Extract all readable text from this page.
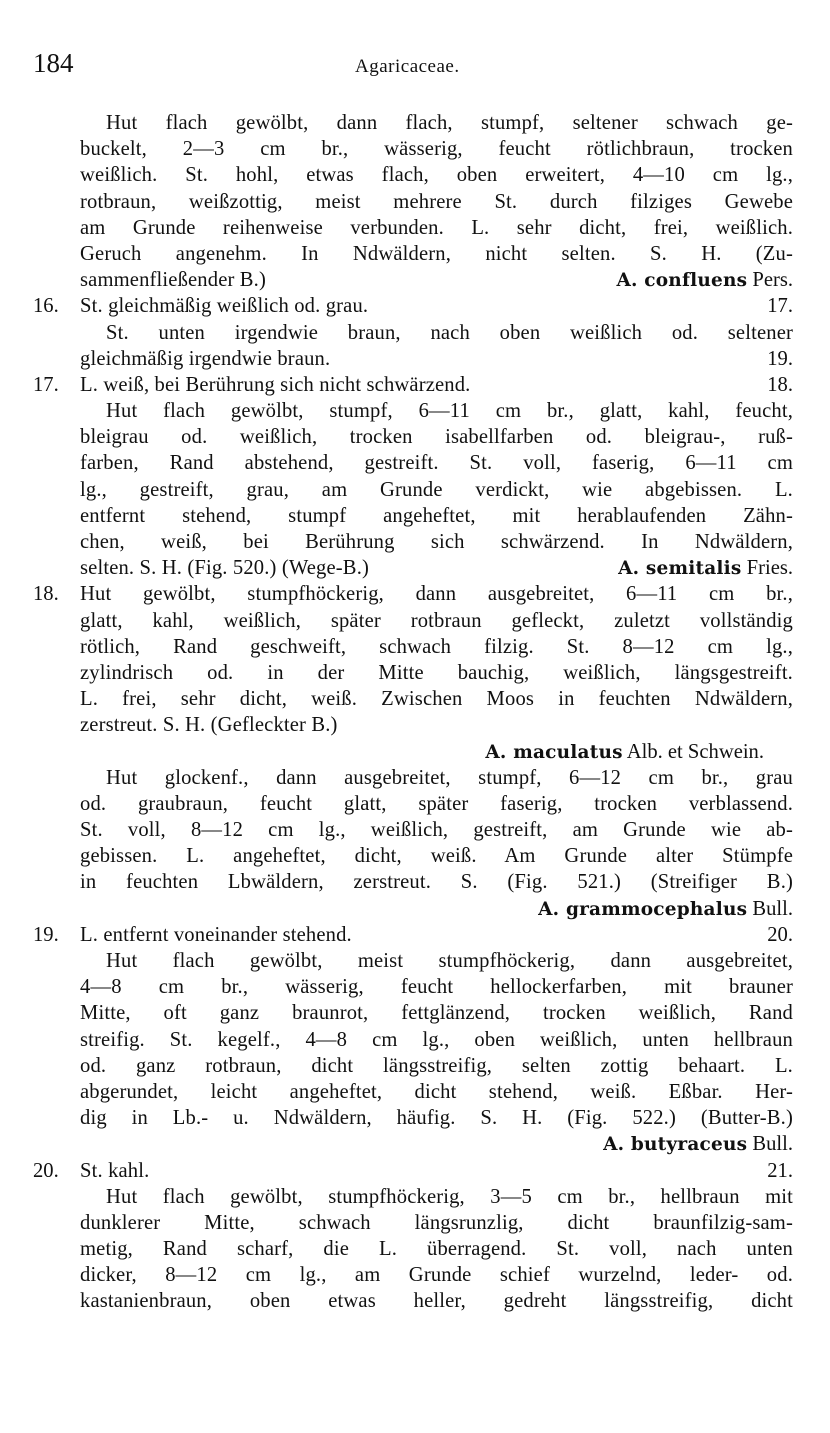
184	Agaricaceae.
Hut flach gewölbt, dann flach, stumpf, seltener schwach ge-
buckelt, 2—3 cm br., wässerig, feucht rötlichbraun, trocken
weißlich. St. hohl, etwas flach, oben erweitert, 4—10 cm lg.,
rotbraun, weißzottig, meist mehrere St. durch filziges Gewebe
am Grunde reihenweise verbunden. L. sehr dicht, frei, weißlich.
Geruch angenehm. In Ndwäldern, nicht selten. S. H. (Zu-
sammenfließender B.)	A. confluens Pers.
16. St. gleichmäßig weißlich od. grau.	17.
St. unten irgendwie braun, nach oben weißlich od. seltener
gleichmäßig irgendwie braun.	19.
17. L. weiß, bei Berührung sich nicht schwärzend.	18.
Hut flach gewölbt, stumpf, 6—11 cm br., glatt, kahl, feucht,
bleigrau od. weißlich, trocken isabellfarben od. bleigrau-, ruß-
farben, Rand abstehend, gestreift. St. voll, faserig, 6—11 cm
lg., gestreift, grau, am Grunde verdickt, wie abgebissen. L.
entfernt stehend, stumpf angeheftet, mit herablaufenden Zähn-
chen, weiß, bei Berührung sich schwärzend. In Ndwäldern,
selten. S. H. (Fig. 520.) (Wege-B.)	A. semitalis Fries.
18. Hut gewölbt, stumpfhöckerig, dann ausgebreitet, 6—11 cm br.,
glatt, kahl, weißlich, später rotbraun gefleckt, zuletzt vollständig
rötlich, Rand geschweift, schwach filzig. St. 8—12 cm lg.,
zylindrisch od. in der Mitte bauchig, weißlich, längsgestreift.
L. frei, sehr dicht, weiß. Zwischen Moos in feuchten Ndwäldern,
zerstreut. S. H. (Gefleckter B.)
A. maculatus Alb. et Schwein.
Hut glockenf., dann ausgebreitet, stumpf, 6—12 cm br., grau
od. graubraun, feucht glatt, später faserig, trocken verblassend.
St. voll, 8—12 cm lg., weißlich, gestreift, am Grunde wie ab-
gebissen. L. angeheftet, dicht, weiß. Am Grunde alter Stümpfe
in feuchten Lbwäldern, zerstreut. S. (Fig. 521.) (Streifiger B.)
A. grammocephalus Bull.
19. L. entfernt voneinander stehend.	20.
Hut flach gewölbt, meist stumpfhöckerig, dann ausgebreitet,
4—8 cm br., wässerig, feucht hellockerfarben, mit brauner
Mitte, oft ganz braunrot, fettglänzend, trocken weißlich, Rand
streifig. St. kegelf., 4—8 cm lg., oben weißlich, unten hellbraun
od. ganz rotbraun, dicht längsstreifig, selten zottig behaart. L.
abgerundet, leicht angeheftet, dicht stehend, weiß. Eßbar. Her-
dig in Lb.- u. Ndwäldern, häufig. S. H. (Fig. 522.) (Butter-B.)
A. butyraceus Bull.
20. St. kahl.	21.
Hut flach gewölbt, stumpfhöckerig, 3—5 cm br., hellbraun mit
dunklerer Mitte, schwach längsrunzlig, dicht braunfilzig-sam-
metig, Rand scharf, die L. überragend. St. voll, nach unten
dicker, 8—12 cm lg., am Grunde schief wurzelnd, leder- od.
kastanienbraun, oben etwas heller, gedreht längsstreifig, dicht
